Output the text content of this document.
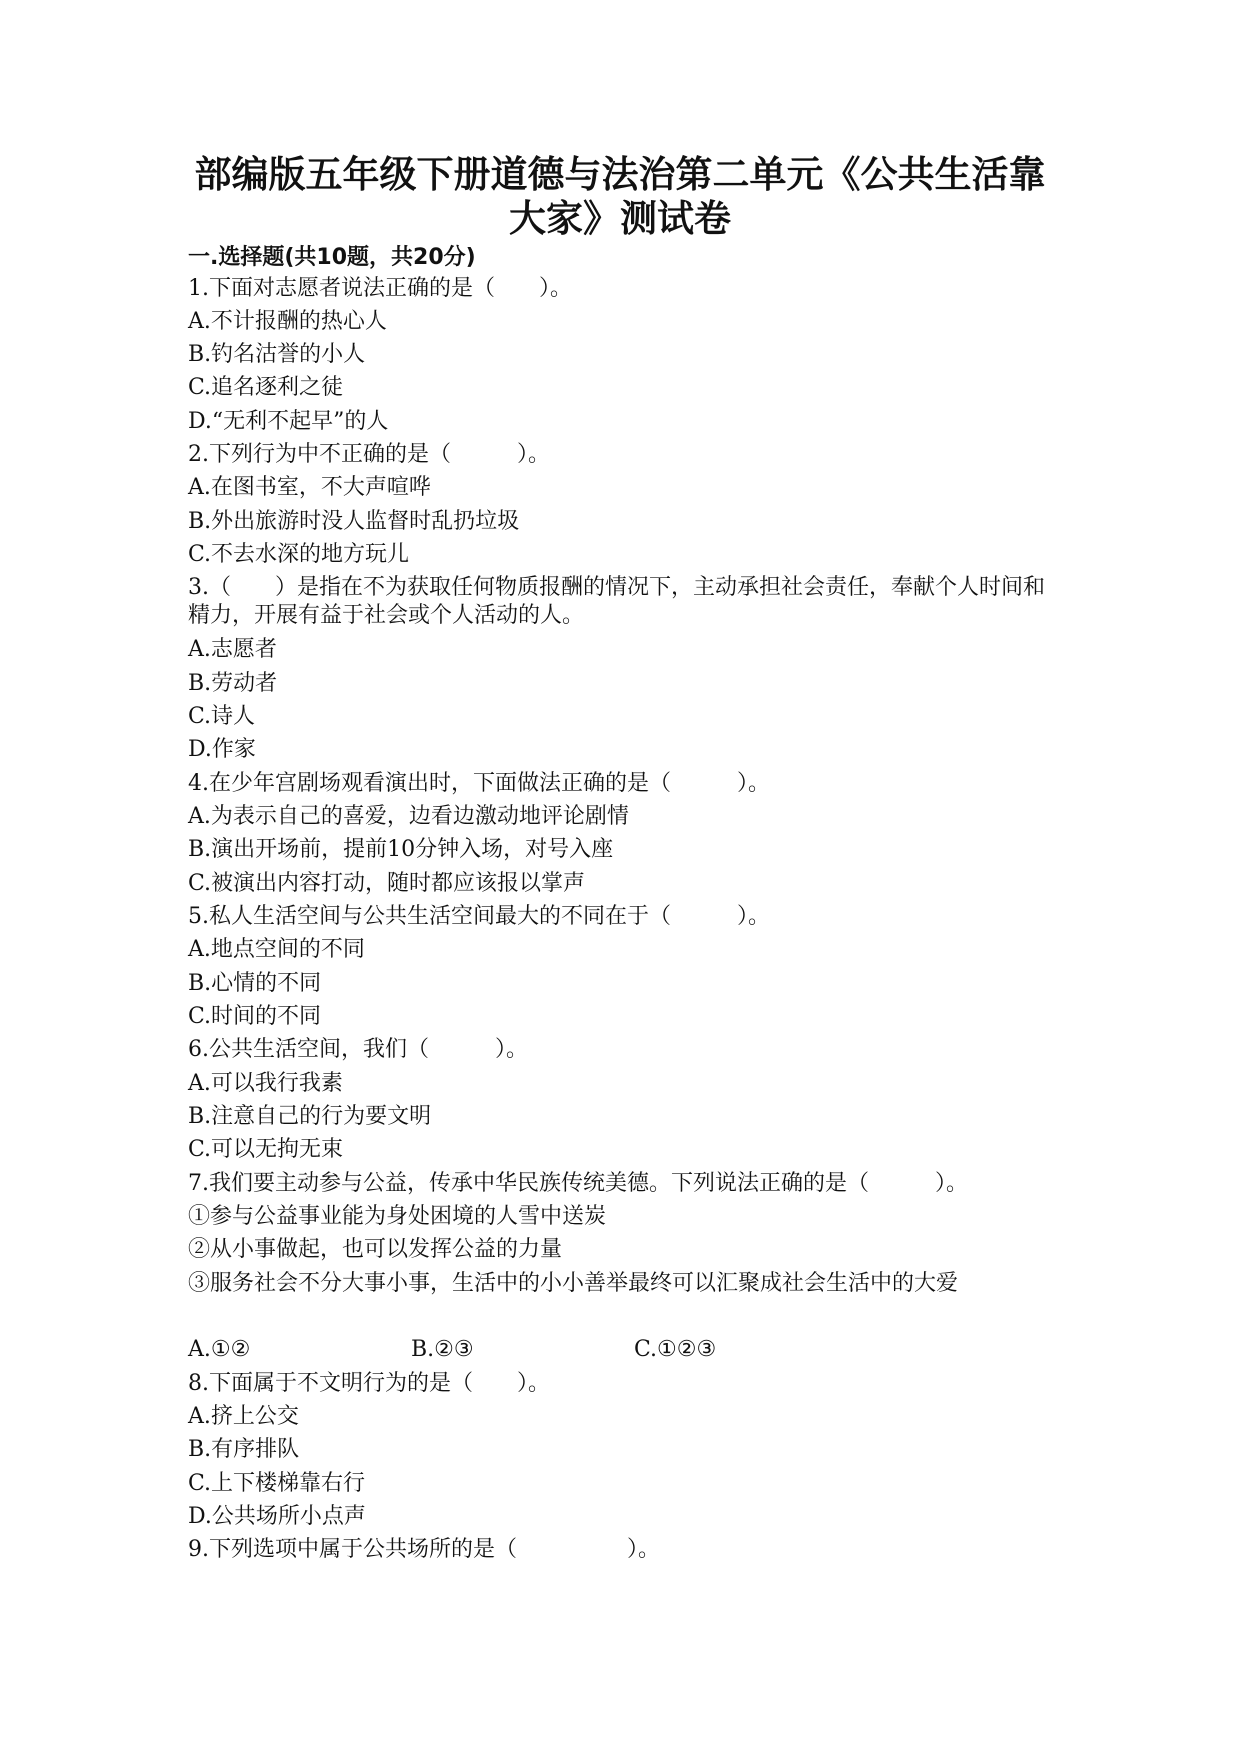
部编版五年级下册道德与法治第二单元《公共生活靠
大家》测试卷
一.选择题(共10题，共20分)
1.下面对志愿者说法正确的是（　　）。
A.不计报酬的热心人
B.钓名沽誉的小人
C.追名逐利之徒
D.“无利不起早”的人
2.下列行为中不正确的是（　　　）。
A.在图书室，不大声喧哗
B.外出旅游时没人监督时乱扔垃圾
C.不去水深的地方玩儿
3.（　　）是指在不为获取任何物质报酬的情况下，主动承担社会责任，奉献个人时间和精力，开展有益于社会或个人活动的人。
A.志愿者
B.劳动者
C.诗人
D.作家
4.在少年宫剧场观看演出时，下面做法正确的是（　　　）。
A.为表示自己的喜爱，边看边激动地评论剧情
B.演出开场前，提前10分钟入场，对号入座
C.被演出内容打动，随时都应该报以掌声
5.私人生活空间与公共生活空间最大的不同在于（　　　）。
A.地点空间的不同
B.心情的不同
C.时间的不同
6.公共生活空间，我们（　　　）。
A.可以我行我素
B.注意自己的行为要文明
C.可以无拘无束
7.我们要主动参与公益，传承中华民族传统美德。下列说法正确的是（　　　）。
①参与公益事业能为身处困境的人雪中送炭
②从小事做起，也可以发挥公益的力量
③服务社会不分大事小事，生活中的小小善举最终可以汇聚成社会生活中的大爱
A.①②	B.②③	C.①②③
8.下面属于不文明行为的是（　　）。
A.挤上公交
B.有序排队
C.上下楼梯靠右行
D.公共场所小点声
9.下列选项中属于公共场所的是（　　　　　）。
